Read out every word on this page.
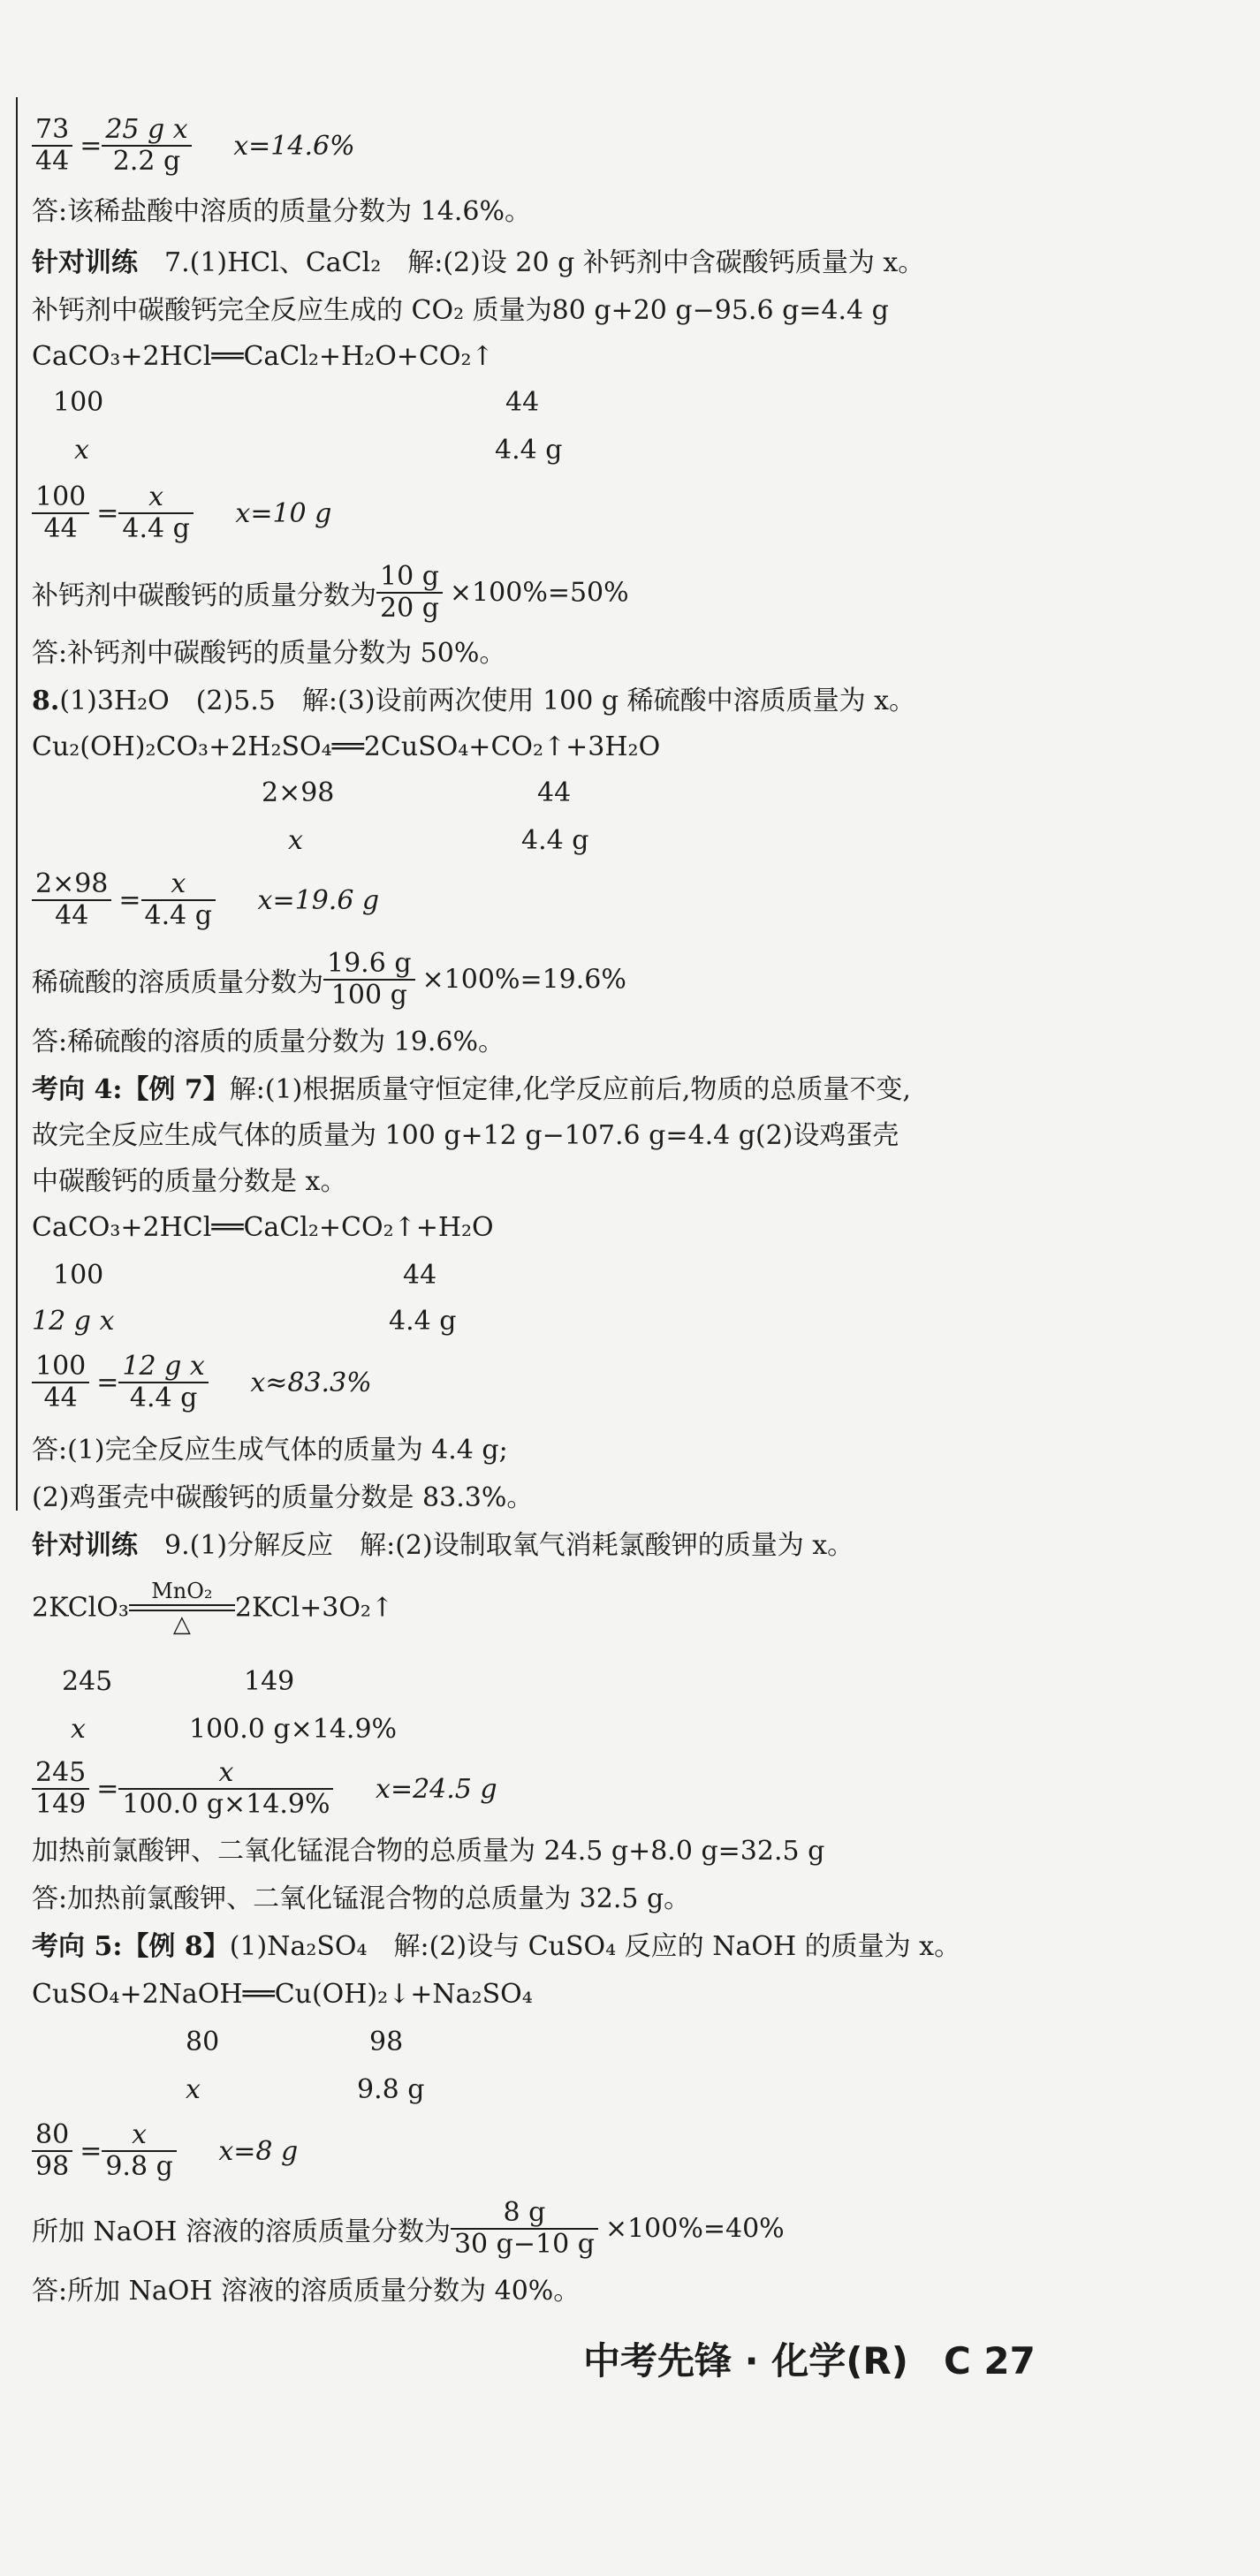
$\frac{73}{44} = \frac{\text{25 g x}}{2.2 g} x=14.6\%$
答:该稀盐酸中溶质的质量分数为 14.6%。
针对训练　 7.(1)HCl、CaCl₂　解:(2)设 20 g 补钙剂中含碳酸钙质量为 x。
补钙剂中碳酸钙完全反应生成的 CO₂ 质量为80 g+20 g−95.6 g=4.4 g
CaCO₃+2HCl══CaCl₂+H₂O+CO₂↑
100	44
x	4.4 g
$\frac{100}{44} = \frac{x}{4.4 g} x=10$ g
补钙剂中碳酸钙的质量分数为 $\frac{10 g}{20 g} \times 100\%=50\%$
答:补钙剂中碳酸钙的质量分数为 50%。
8.(1)3H₂O　(2)5.5　解:(3)设前两次使用 100 g 稀硫酸中溶质质量为 x。
Cu₂(OH)₂CO₃+2H₂SO₄══2CuSO₄+CO₂↑+3H₂O
2×98	44
x	4.4 g
$\frac{2\times 98}{44} = \frac{x}{4.4 g} x=19.6$ g
稀硫酸的溶质质量分数为 $\frac{19.6 g}{100 g} \times 100\%=19.6\%$
答:稀硫酸的溶质的质量分数为 19.6%。
考向 4:【例 7】解:(1)根据质量守恒定律,化学反应前后,物质的总质量不变,
故完全反应生成气体的质量为 100 g+12 g−107.6 g=4.4 g(2)设鸡蛋壳
中碳酸钙的质量分数是 x。
CaCO₃+2HCl══CaCl₂+CO₂↑+H₂O
100	44
12 g x	4.4 g
$\frac{100}{44} = \frac{\text{12 g x}}{4.4 g} x\approx 83.3\%$
答:(1)完全反应生成气体的质量为 4.4 g;
(2)鸡蛋壳中碳酸钙的质量分数是 83.3%。
针对训练　 9.(1)分解反应　解:(2)设制取氧气消耗氯酸钾的质量为 x。
2KClO₃
MnO₂
△
2KCl+3O₂↑
245	149
x	100.0 g×14.9%
$\frac{245}{149} = \frac{x}{100.0 g\times 14.9\%} x=24.5$ g
加热前氯酸钾、二氧化锰混合物的总质量为 24.5 g+8.0 g=32.5 g
答:加热前氯酸钾、二氧化锰混合物的总质量为 32.5 g。
考向 5:【例 8】(1)Na₂SO₄　解:(2)设与 CuSO₄ 反应的 NaOH 的质量为 x。
CuSO₄+2NaOH══Cu(OH)₂↓+Na₂SO₄
80	98
x	9.8 g
$\frac{80}{98} = \frac{x}{9.8 g} x=8$ g
所加 NaOH 溶液的溶质质量分数为 $\frac{8 g}{30 g-10 g} \times 100\%=40\%$
答:所加 NaOH 溶液的溶质质量分数为 40%。
中考先锋 · 化学(R) C 27
